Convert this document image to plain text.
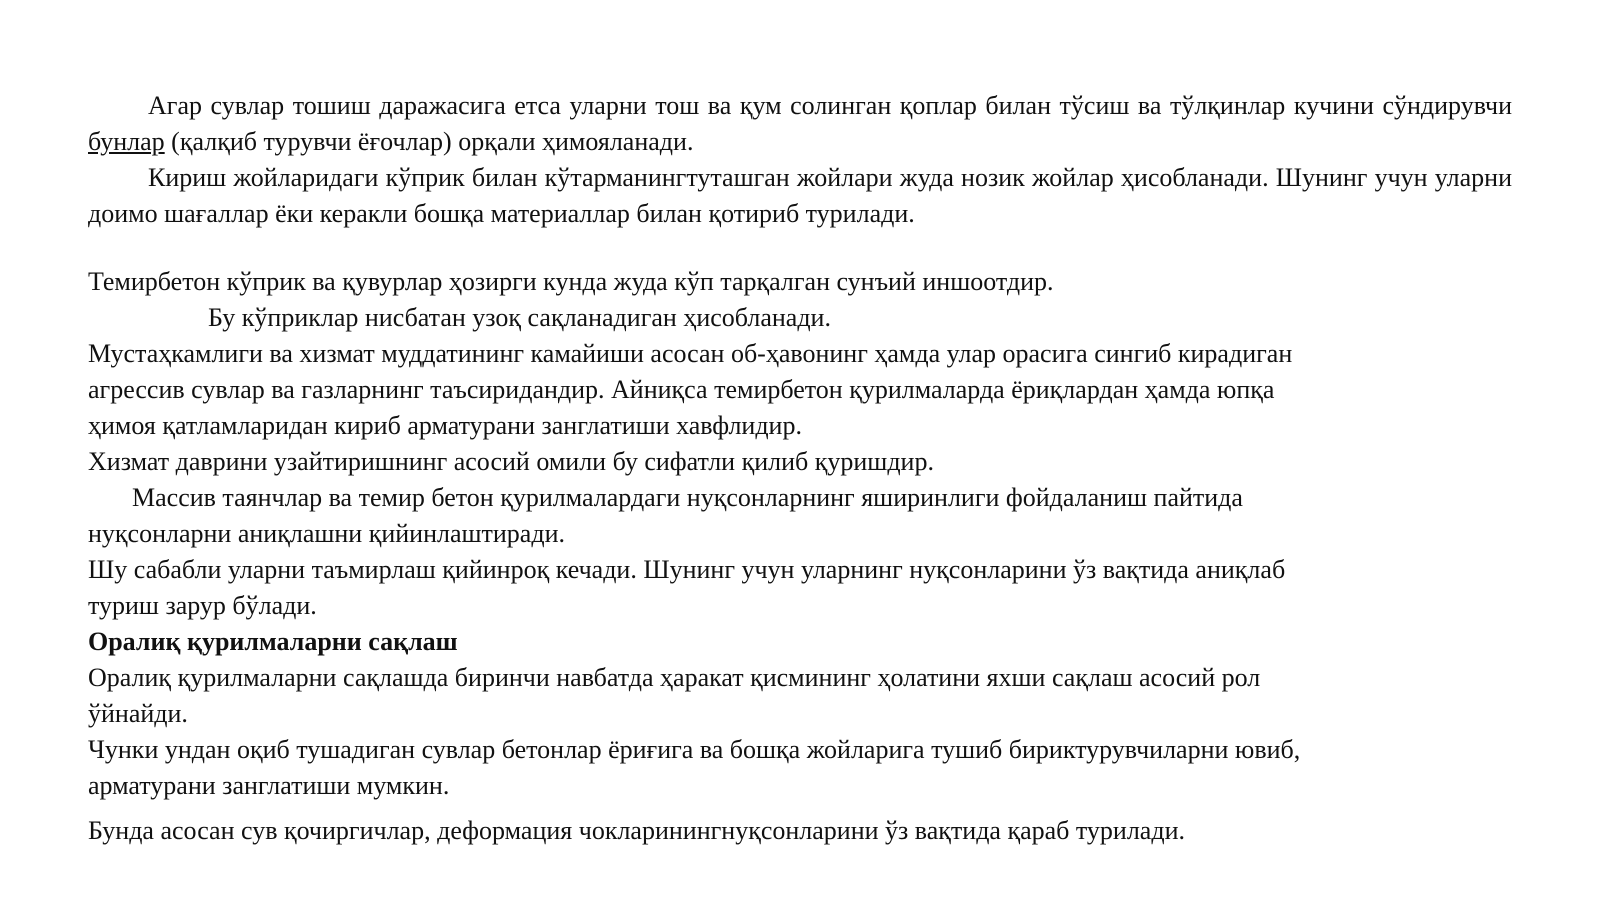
Агар сувлар тошиш даражасига етса уларни тош ва қум солинган қоплар билан тўсиш ва тўлқинлар кучини сўндирувчи бунлар (қалқиб турувчи ёғочлар) орқали ҳимояланади.

Кириш жойларидаги кўприк билан кўтарманингтуташган жойлари жуда нозик жойлар ҳисобланади. Шунинг учун уларни доимо шағаллар ёки керакли бошқа материаллар билан қотириб турилади.

Темирбетон кўприк ва қувурлар ҳозирги кунда жуда кўп тарқалган сунъий иншоотдир.

Бу кўприклар нисбатан узоқ сақланадиган ҳисобланади.

Мустаҳкамлиги ва хизмат муддатининг камайиши асосан об-ҳавонинг ҳамда улар орасига сингиб кирадиган
агрессив сувлар ва газларнинг таъсиридандир. Айниқса темирбетон қурилмаларда ёриқлардан ҳамда юпқа
ҳимоя қатламларидан кириб арматурани занглатиши хавфлидир.

Хизмат даврини узайтиришнинг асосий омили бу сифатли қилиб қуришдир.

Массив таянчлар ва темир бетон қурилмалардаги нуқсонларнинг яширинлиги фойдаланиш пайтида
нуқсонларни аниқлашни қийинлаштиради.

Шу сабабли уларни таъмирлаш қийинроқ кечади. Шунинг учун уларнинг нуқсонларини ўз вақтида аниқлаб
туриш зарур бўлади.

Оралиқ қурилмаларни сақлаш

Оралиқ қурилмаларни сақлашда биринчи навбатда ҳаракат қисмининг ҳолатини яхши сақлаш асосий рол
ўйнайди.

Чунки ундан оқиб тушадиган сувлар бетонлар ёриғига ва бошқа жойларига тушиб бириктурувчиларни ювиб,
арматурани занглатиши мумкин.

Бунда асосан сув қочиргичлар, деформация чокларинингнуқсонларини ўз вақтида қараб турилади.
